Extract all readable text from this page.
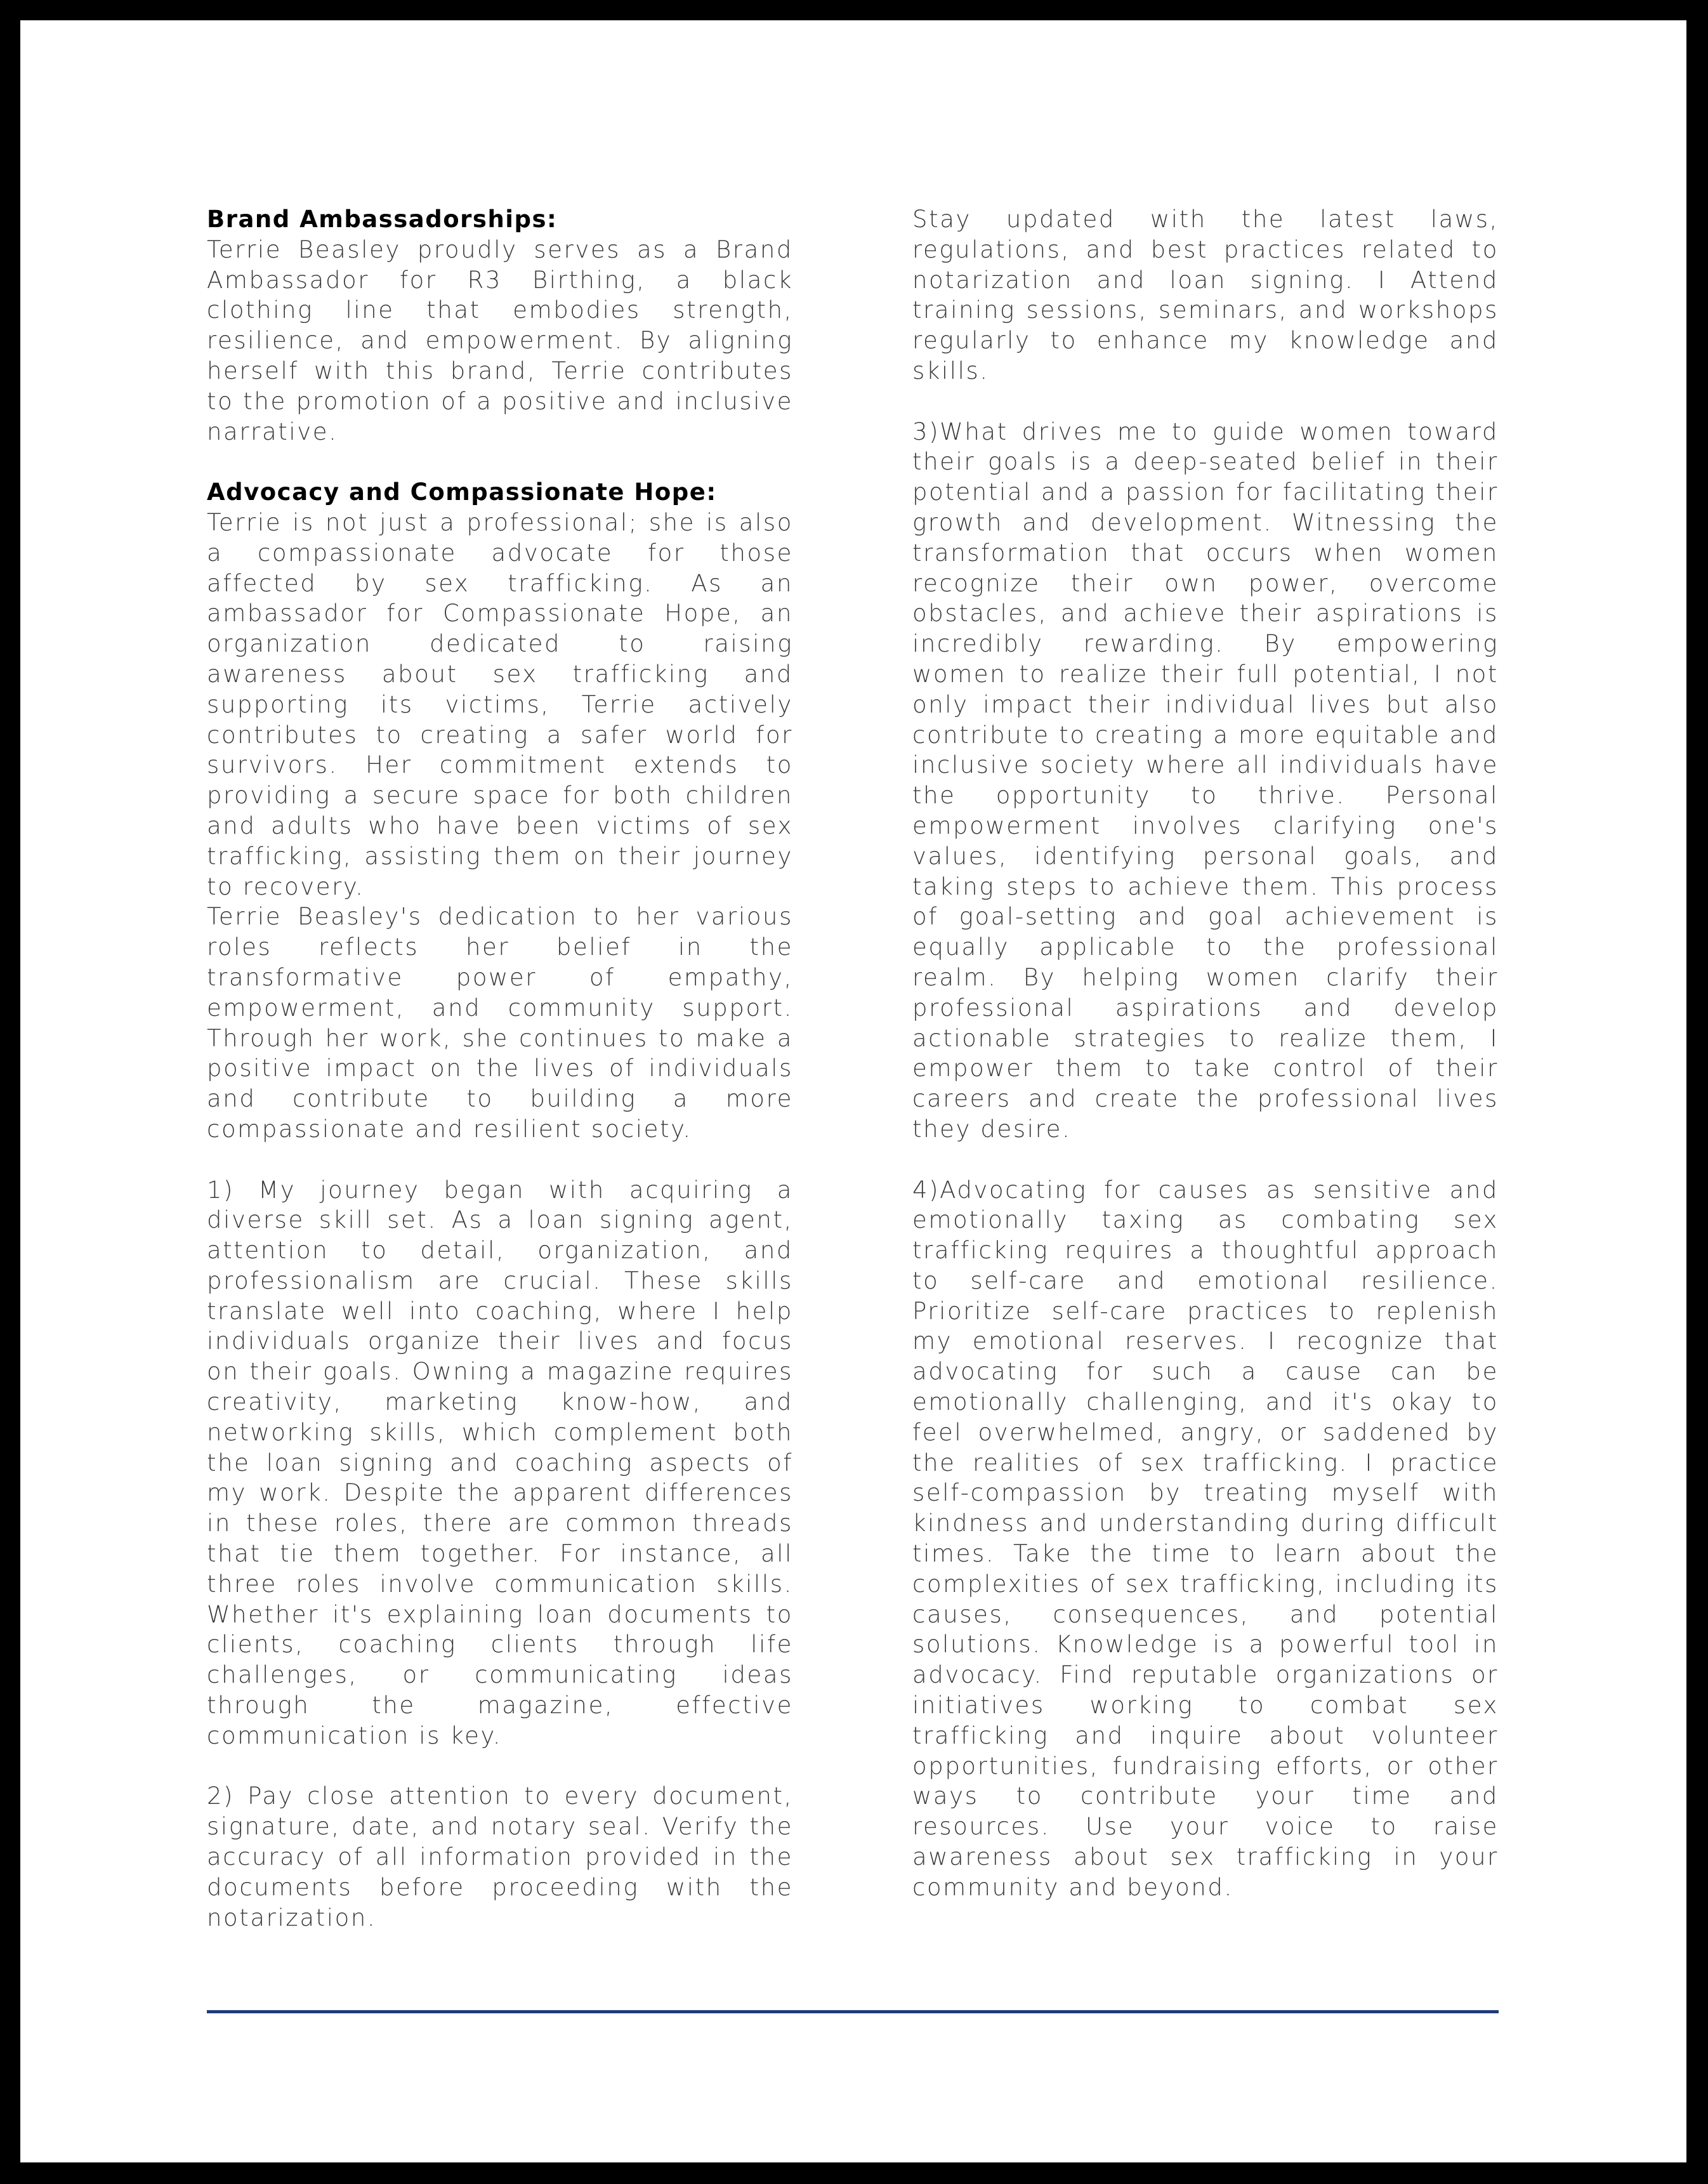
Brand Ambassadorships:

Terrie Beasley proudly serves as a Brand Ambassador for R3 Birthing, a black clothing line that embodies strength, resilience, and empowerment. By aligning herself with this brand, Terrie contributes to the promotion of a positive and inclusive narrative.

Advocacy and Compassionate Hope:

Terrie is not just a professional; she is also a compassionate advocate for those affected by sex trafficking. As an ambassador for Compassionate Hope, an organization dedicated to raising awareness about sex trafficking and supporting its victims, Terrie actively contributes to creating a safer world for survivors. Her commitment extends to providing a secure space for both children and adults who have been victims of sex trafficking, assisting them on their journey to recovery.

Terrie Beasley's dedication to her various roles reflects her belief in the transformative power of empathy, empowerment, and community support. Through her work, she continues to make a positive impact on the lives of individuals and contribute to building a more compassionate and resilient society.

1) My journey began with acquiring a diverse skill set. As a loan signing agent, attention to detail, organization, and professionalism are crucial. These skills translate well into coaching, where I help individuals organize their lives and focus on their goals. Owning a magazine requires creativity, marketing know-how, and networking skills, which complement both the loan signing and coaching aspects of my work. Despite the apparent differences in these roles, there are common threads that tie them together. For instance, all three roles involve communication skills. Whether it's explaining loan documents to clients, coaching clients through life challenges, or communicating ideas through the magazine, effective communication is key.

2) Pay close attention to every document, signature, date, and notary seal. Verify the accuracy of all information provided in the documents before proceeding with the notarization.

Stay updated with the latest laws, regulations, and best practices related to notarization and loan signing. I Attend training sessions, seminars, and workshops regularly to enhance my knowledge and skills.

3)What drives me to guide women toward their goals is a deep-seated belief in their potential and a passion for facilitating their growth and development. Witnessing the transformation that occurs when women recognize their own power, overcome obstacles, and achieve their aspirations is incredibly rewarding. By empowering women to realize their full potential, I not only impact their individual lives but also contribute to creating a more equitable and inclusive society where all individuals have the opportunity to thrive. Personal empowerment involves clarifying one's values, identifying personal goals, and taking steps to achieve them. This process of goal-setting and goal achievement is equally applicable to the professional realm. By helping women clarify their professional aspirations and develop actionable strategies to realize them, I empower them to take control of their careers and create the professional lives they desire.

4)Advocating for causes as sensitive and emotionally taxing as combating sex trafficking requires a thoughtful approach to self-care and emotional resilience. Prioritize self-care practices to replenish my emotional reserves. I recognize that advocating for such a cause can be emotionally challenging, and it's okay to feel overwhelmed, angry, or saddened by the realities of sex trafficking. I practice self-compassion by treating myself with kindness and understanding during difficult times. Take the time to learn about the complexities of sex trafficking, including its causes, consequences, and potential solutions. Knowledge is a powerful tool in advocacy. Find reputable organizations or initiatives working to combat sex trafficking and inquire about volunteer opportunities, fundraising efforts, or other ways to contribute your time and resources. Use your voice to raise awareness about sex trafficking in your community and beyond.
